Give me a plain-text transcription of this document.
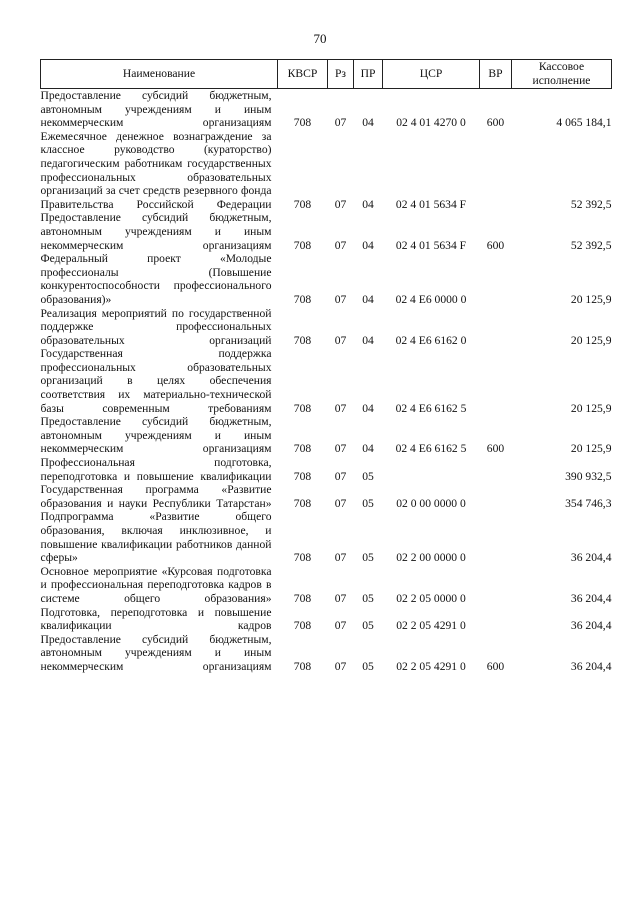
70
Наименование	КВСР	Рз	ПР	ЦСР	ВР	Кассовое
исполнение
Предоставление субсидий бюджетным, автономным учреждениям и иным некоммерческим организациям	708	07	04	02 4 01 4270 0	600	4 065 184,1
Ежемесячное денежное вознаграждение за классное руководство (кураторство) педагогическим работникам государственных профессиональных образовательных организаций за счет средств резервного фонда Правительства Российской Федерации	708	07	04	02 4 01 5634 F		52 392,5
Предоставление субсидий бюджетным, автономным учреждениям и иным некоммерческим организациям	708	07	04	02 4 01 5634 F	600	52 392,5
Федеральный проект «Молодые профессионалы (Повышение конкурентоспособности профессионального образования)»	708	07	04	02 4 Е6 0000 0		20 125,9
Реализация мероприятий по государственной поддержке профессиональных образовательных организаций	708	07	04	02 4 Е6 6162 0		20 125,9
Государственная поддержка профессиональных образовательных организаций в целях обеспечения соответствия их материально-технической базы современным требованиям	708	07	04	02 4 Е6 6162 5		20 125,9
Предоставление субсидий бюджетным, автономным учреждениям и иным некоммерческим организациям	708	07	04	02 4 Е6 6162 5	600	20 125,9
Профессиональная подготовка, переподготовка и повышение квалификации	708	07	05			390 932,5
Государственная программа «Развитие образования и науки Республики Татарстан»	708	07	05	02 0 00 0000 0		354 746,3
Подпрограмма «Развитие общего образования, включая инклюзивное, и повышение квалификации работников данной сферы»	708	07	05	02 2 00 0000 0		36 204,4
Основное мероприятие «Курсовая подготовка и профессиональная переподготовка кадров в системе общего образования»	708	07	05	02 2 05 0000 0		36 204,4
Подготовка, переподготовка и повышение квалификации кадров	708	07	05	02 2 05 4291 0		36 204,4
Предоставление субсидий бюджетным, автономным учреждениям и иным некоммерческим организациям	708	07	05	02 2 05 4291 0	600	36 204,4
